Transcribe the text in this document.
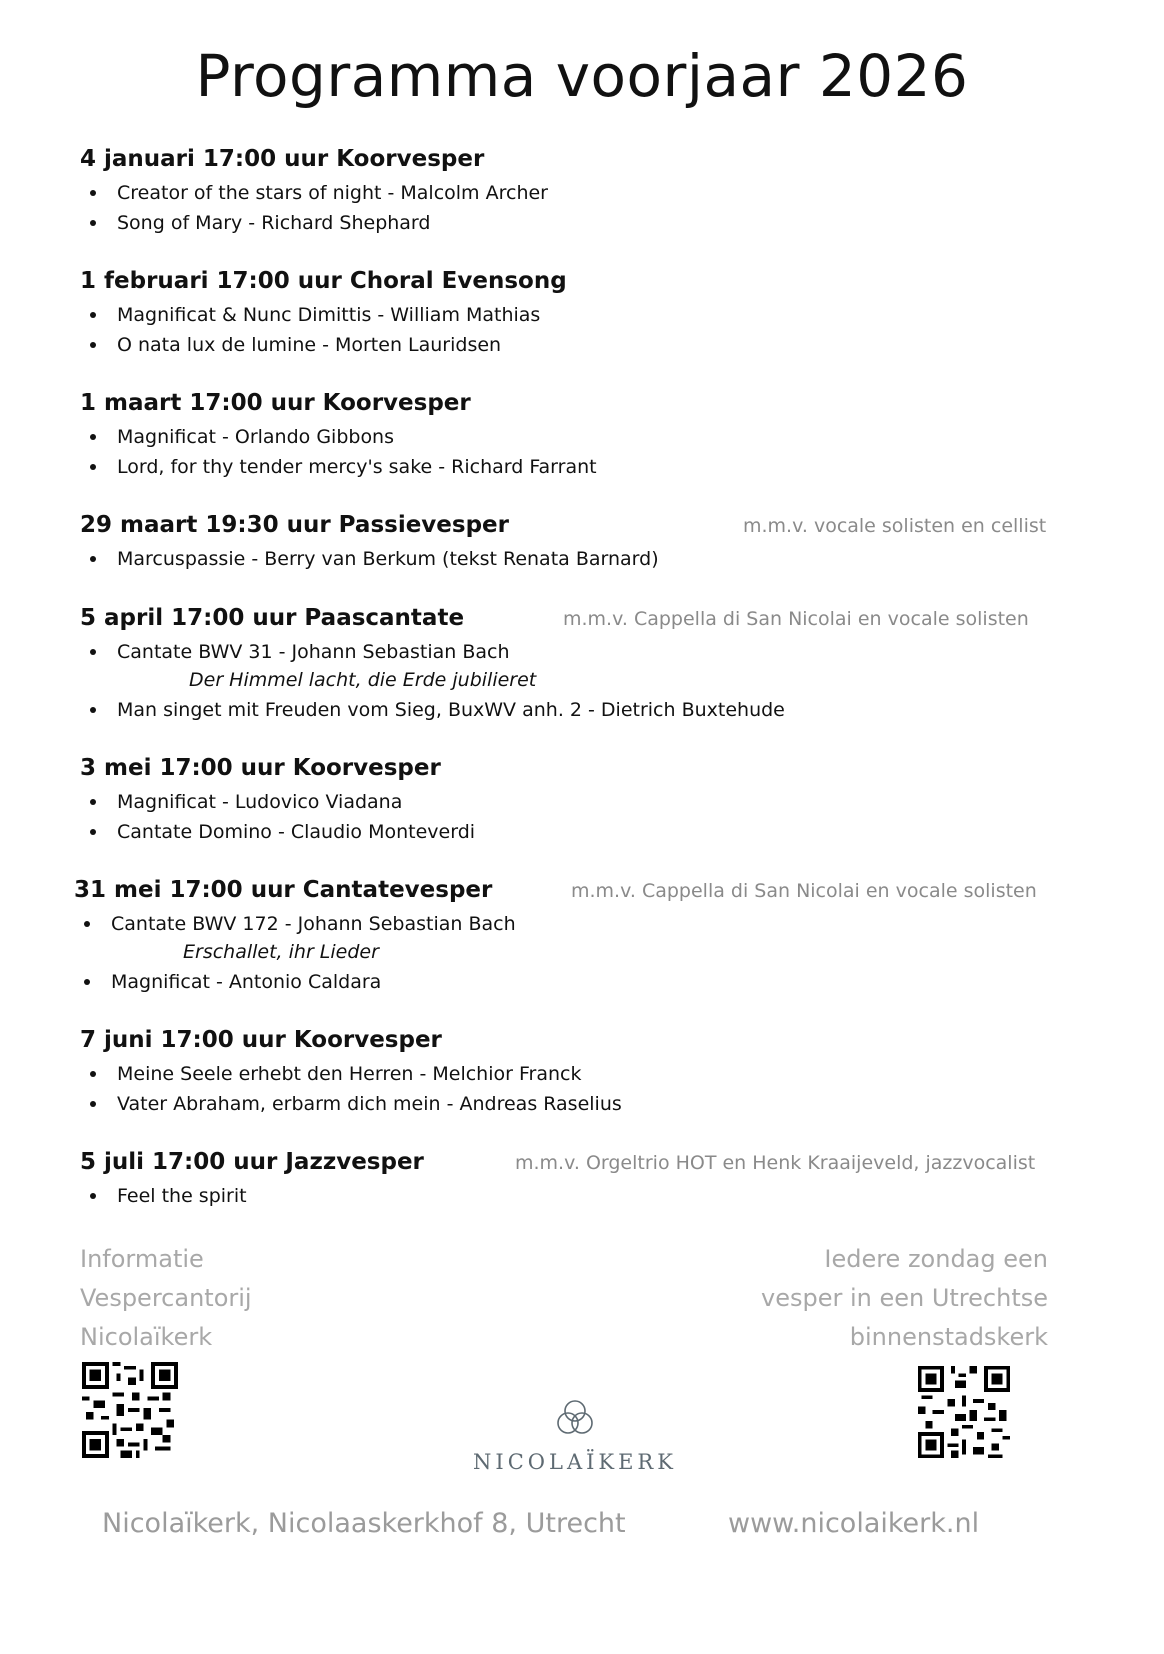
Programma voorjaar 2026
4 januari 17:00 uur Koorvesper
Creator of the stars of night - Malcolm Archer
Song of Mary - Richard Shephard
1 februari 17:00 uur Choral Evensong
Magnificat & Nunc Dimittis - William Mathias
O nata lux de lumine - Morten Lauridsen
1 maart 17:00 uur Koorvesper
Magnificat - Orlando Gibbons
Lord, for thy tender mercy's sake - Richard Farrant
29 maart 19:30 uur Passievesper	m.m.v. vocale solisten en cellist
Marcuspassie - Berry van Berkum (tekst Renata Barnard)
5 april 17:00 uur Paascantate	m.m.v. Cappella di San Nicolai en vocale solisten
Cantate BWV 31 - Johann Sebastian Bach
Der Himmel lacht, die Erde jubilieret
Man singet mit Freuden vom Sieg, BuxWV anh. 2 - Dietrich Buxtehude
3 mei 17:00 uur Koorvesper
Magnificat - Ludovico Viadana
Cantate Domino - Claudio Monteverdi
31 mei 17:00 uur Cantatevesper	m.m.v. Cappella di San Nicolai en vocale solisten
Cantate BWV 172 - Johann Sebastian Bach
Erschallet, ihr Lieder
Magnificat - Antonio Caldara
7 juni 17:00 uur Koorvesper
Meine Seele erhebt den Herren - Melchior Franck
Vater Abraham, erbarm dich mein - Andreas Raselius
5 juli 17:00 uur Jazzvesper	m.m.v. Orgeltrio HOT en Henk Kraaijeveld, jazzvocalist
Feel the spirit
Informatie
Vespercantorij
Nicolaïkerk
Iedere zondag een
vesper in een Utrechtse
binnenstadskerk
NICOLAÏKERK
Nicolaïkerk, Nicolaaskerkhof 8, Utrecht	www.nicolaikerk.nl
